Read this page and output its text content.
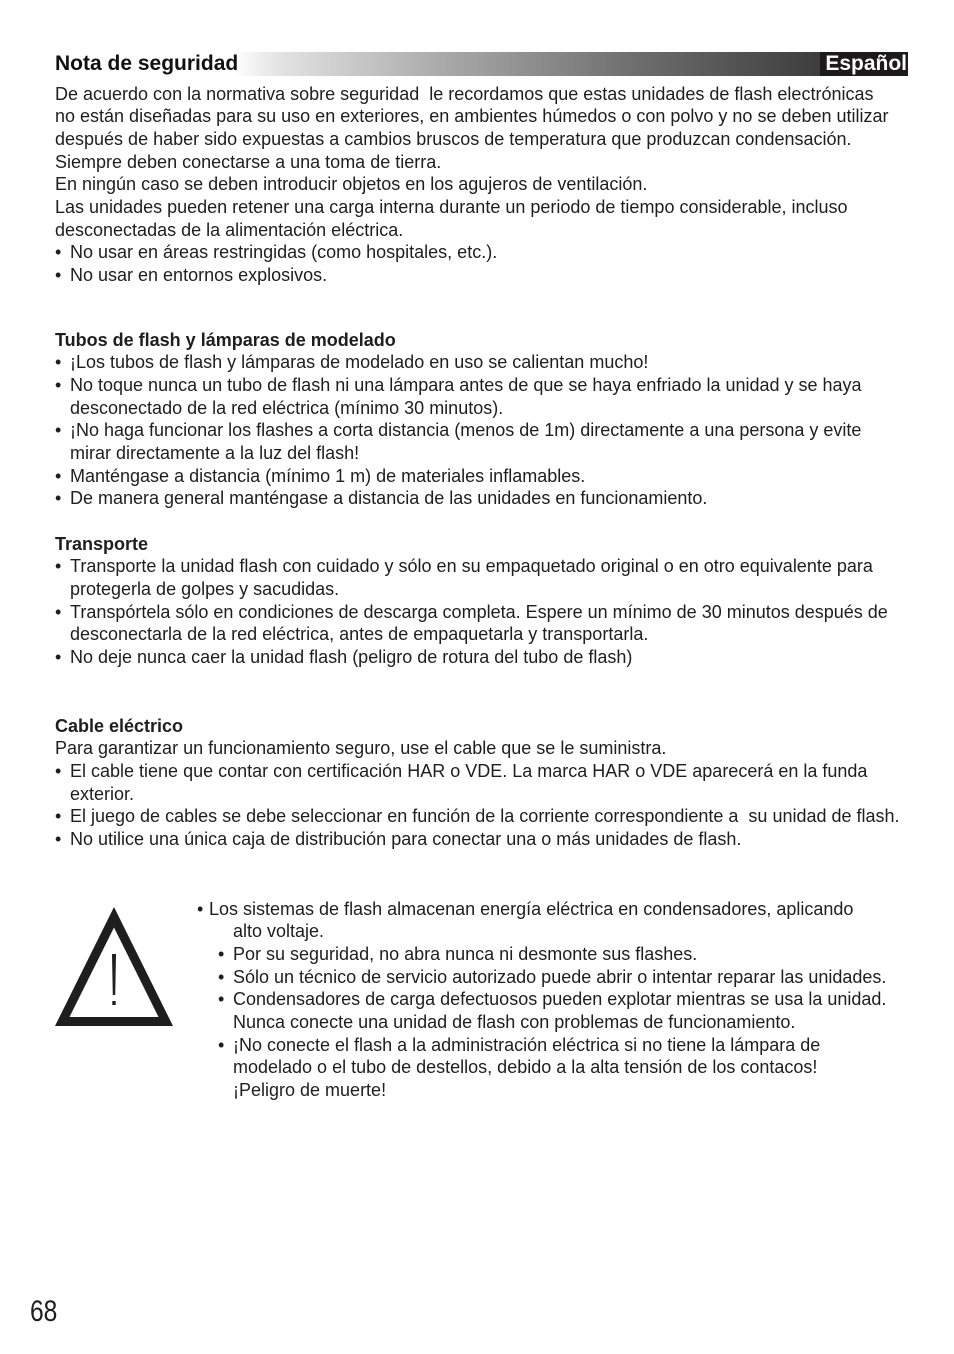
Nota de seguridad	Español
De acuerdo con la normativa sobre seguridad  le recordamos que estas unidades de flash electrónicas
no están diseñadas para su uso en exteriores, en ambientes húmedos o con polvo y no se deben utilizar
después de haber sido expuestas a cambios bruscos de temperatura que produzcan condensación.
Siempre deben conectarse a una toma de tierra.
En ningún caso se deben introducir objetos en los agujeros de ventilación.
Las unidades pueden retener una carga interna durante un periodo de tiempo considerable, incluso
desconectadas de la alimentación eléctrica.
• No usar en áreas restringidas (como hospitales, etc.).
• No usar en entornos explosivos.
Tubos de flash y lámparas de modelado
• ¡Los tubos de flash y lámparas de modelado en uso se calientan mucho!
• No toque nunca un tubo de flash ni una lámpara antes de que se haya enfriado la unidad y se haya
desconectado de la red eléctrica (mínimo 30 minutos).
• ¡No haga funcionar los flashes a corta distancia (menos de 1m) directamente a una persona y evite
mirar directamente a la luz del flash!
• Manténgase a distancia (mínimo 1 m) de materiales inflamables.
• De manera general manténgase a distancia de las unidades en funcionamiento.
Transporte
• Transporte la unidad flash con cuidado y sólo en su empaquetado original o en otro equivalente para
protegerla de golpes y sacudidas.
• Transpórtela sólo en condiciones de descarga completa. Espere un mínimo de 30 minutos después de
desconectarla de la red eléctrica, antes de empaquetarla y transportarla.
• No deje nunca caer la unidad flash (peligro de rotura del tubo de flash)
Cable eléctrico
Para garantizar un funcionamiento seguro, use el cable que se le suministra.
• El cable tiene que contar con certificación HAR o VDE. La marca HAR o VDE aparecerá en la funda
exterior.
• El juego de cables se debe seleccionar en función de la corriente correspondiente a  su unidad de flash.
• No utilice una única caja de distribución para conectar una o más unidades de flash.
• Los sistemas de flash almacenan energía eléctrica en condensadores, aplicando
alto voltaje.
• Por su seguridad, no abra nunca ni desmonte sus flashes.
• Sólo un técnico de servicio autorizado puede abrir o intentar reparar las unidades.
• Condensadores de carga defectuosos pueden explotar mientras se usa la unidad.
Nunca conecte una unidad de flash con problemas de funcionamiento.
• ¡No conecte el flash a la administración eléctrica si no tiene la lámpara de
modelado o el tubo de destellos, debido a la alta tensión de los contacos!
¡Peligro de muerte!
68
